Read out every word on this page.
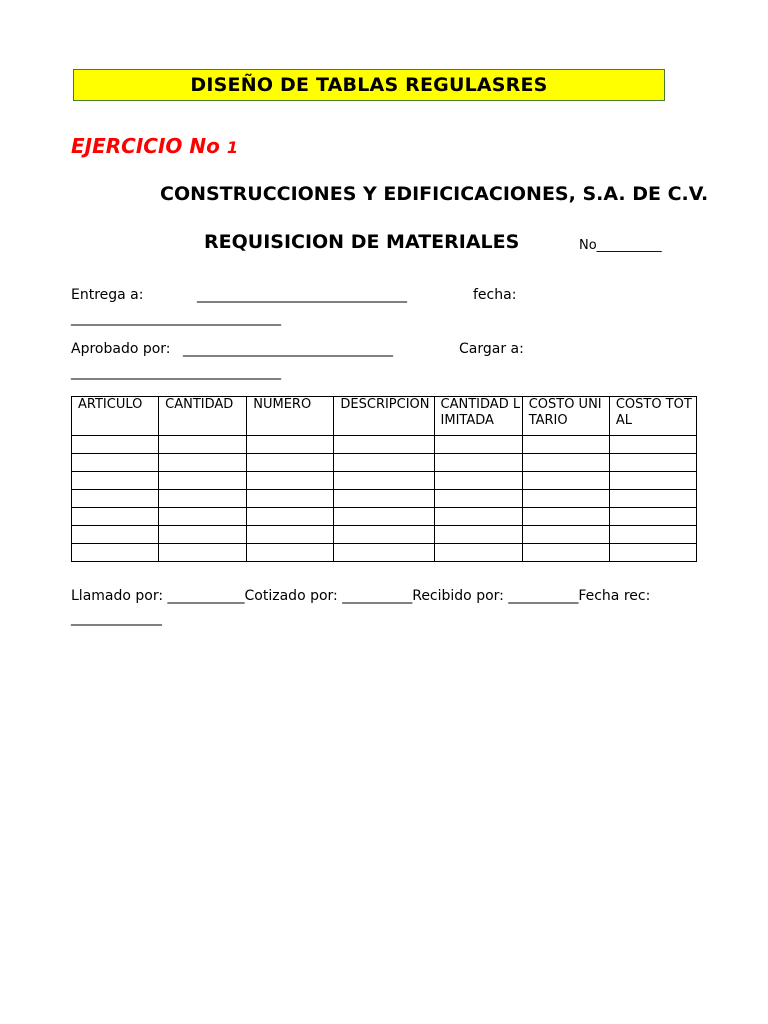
DISEÑO DE TABLAS REGULASRES
EJERCICIO No 1
CONSTRUCCIONES Y EDIFICICACIONES, S.A. DE C.V.
REQUISICION DE MATERIALES	No__________
Entrega a:	______________________________	fecha:
______________________________
Aprobado por: ______________________________	Cargar a:
______________________________
ARTICULO	CANTIDAD	NUMERO	DESCRIPCION	CANTIDAD LIMITADA	COSTO UNITARIO	COSTO TOTAL

Llamado por: ___________Cotizado por: __________Recibido por: __________Fecha rec:
_____________
